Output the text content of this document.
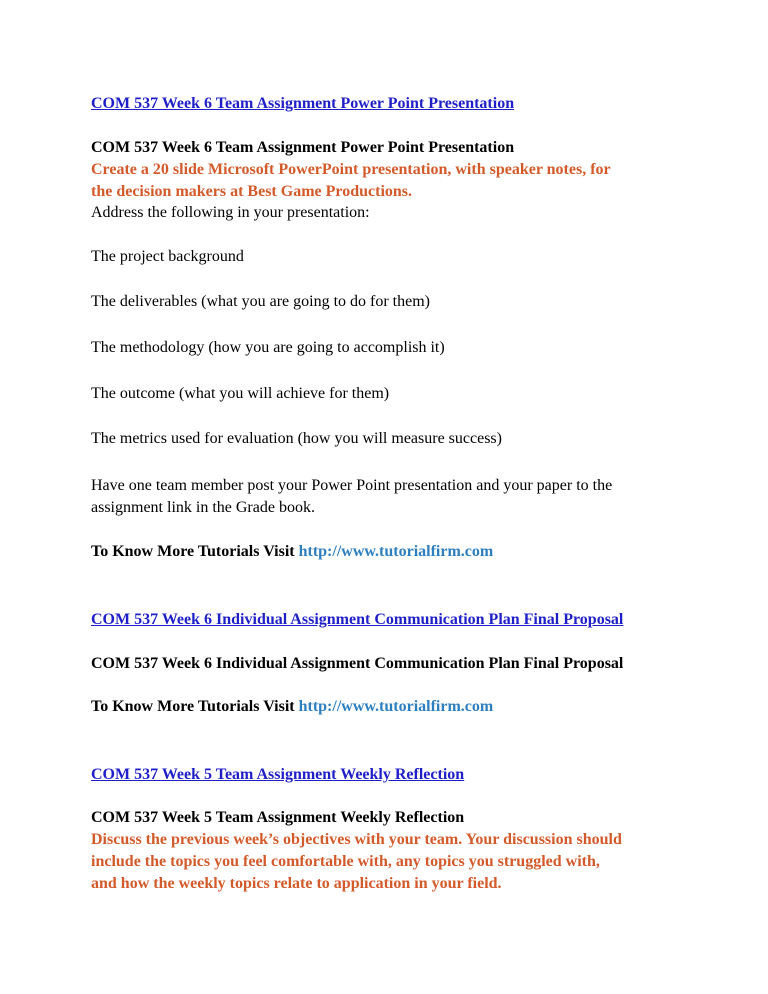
COM 537 Week 6 Team Assignment Power Point Presentation

COM 537 Week 6 Team Assignment Power Point Presentation

Create a 20 slide Microsoft PowerPoint presentation, with speaker notes, for

the decision makers at Best Game Productions.

Address the following in your presentation:

The project background

The deliverables (what you are going to do for them)

The methodology (how you are going to accomplish it)

The outcome (what you will achieve for them)

The metrics used for evaluation (how you will measure success)

Have one team member post your Power Point presentation and your paper to the

assignment link in the Grade book.

To Know More Tutorials Visit http://www.tutorialfirm.com

COM 537 Week 6 Individual Assignment Communication Plan Final Proposal

COM 537 Week 6 Individual Assignment Communication Plan Final Proposal

To Know More Tutorials Visit http://www.tutorialfirm.com

COM 537 Week 5 Team Assignment Weekly Reflection

COM 537 Week 5 Team Assignment Weekly Reflection

Discuss the previous week’s objectives with your team. Your discussion should

include the topics you feel comfortable with, any topics you struggled with,

and how the weekly topics relate to application in your field.
